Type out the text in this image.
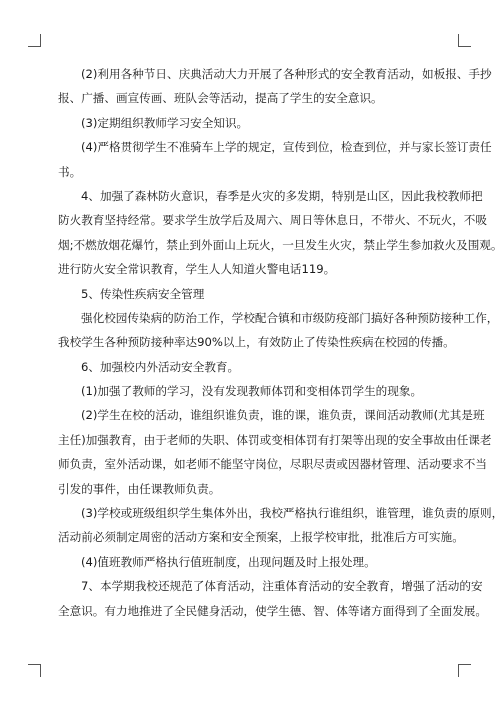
(2)利用各种节日、庆典活动大力开展了各种形式的安全教育活动，如板报、手抄
报、广播、画宣传画、班队会等活动，提高了学生的安全意识。
(3)定期组织教师学习安全知识。
(4)严格贯彻学生不准骑车上学的规定，宣传到位，检查到位，并与家长签订责任
书。
4、加强了森林防火意识，春季是火灾的多发期，特别是山区，因此我校教师把
防火教育坚持经常。要求学生放学后及周六、周日等休息日，不带火、不玩火，不吸
烟;不燃放烟花爆竹，禁止到外面山上玩火，一旦发生火灾，禁止学生参加救火及围观。
进行防火安全常识教育，学生人人知道火警电话119。
5、传染性疾病安全管理
强化校园传染病的防治工作，学校配合镇和市级防疫部门搞好各种预防接种工作，
我校学生各种预防接种率达90%以上，有效防止了传染性疾病在校园的传播。
6、加强校内外活动安全教育。
(1)加强了教师的学习，没有发现教师体罚和变相体罚学生的现象。
(2)学生在校的活动，谁组织谁负责，谁的课，谁负责，课间活动教师(尤其是班
主任)加强教育，由于老师的失职、体罚或变相体罚有打架等出现的安全事故由任课老
师负责，室外活动课，如老师不能坚守岗位，尽职尽责或因器材管理、活动要求不当
引发的事件，由任课教师负责。
(3)学校或班级组织学生集体外出，我校严格执行谁组织，谁管理，谁负责的原则，
活动前必须制定周密的活动方案和安全预案，上报学校审批，批准后方可实施。
(4)值班教师严格执行值班制度，出现问题及时上报处理。
7、本学期我校还规范了体育活动，注重体育活动的安全教育，增强了活动的安
全意识。有力地推进了全民健身活动，使学生德、智、体等诸方面得到了全面发展。
